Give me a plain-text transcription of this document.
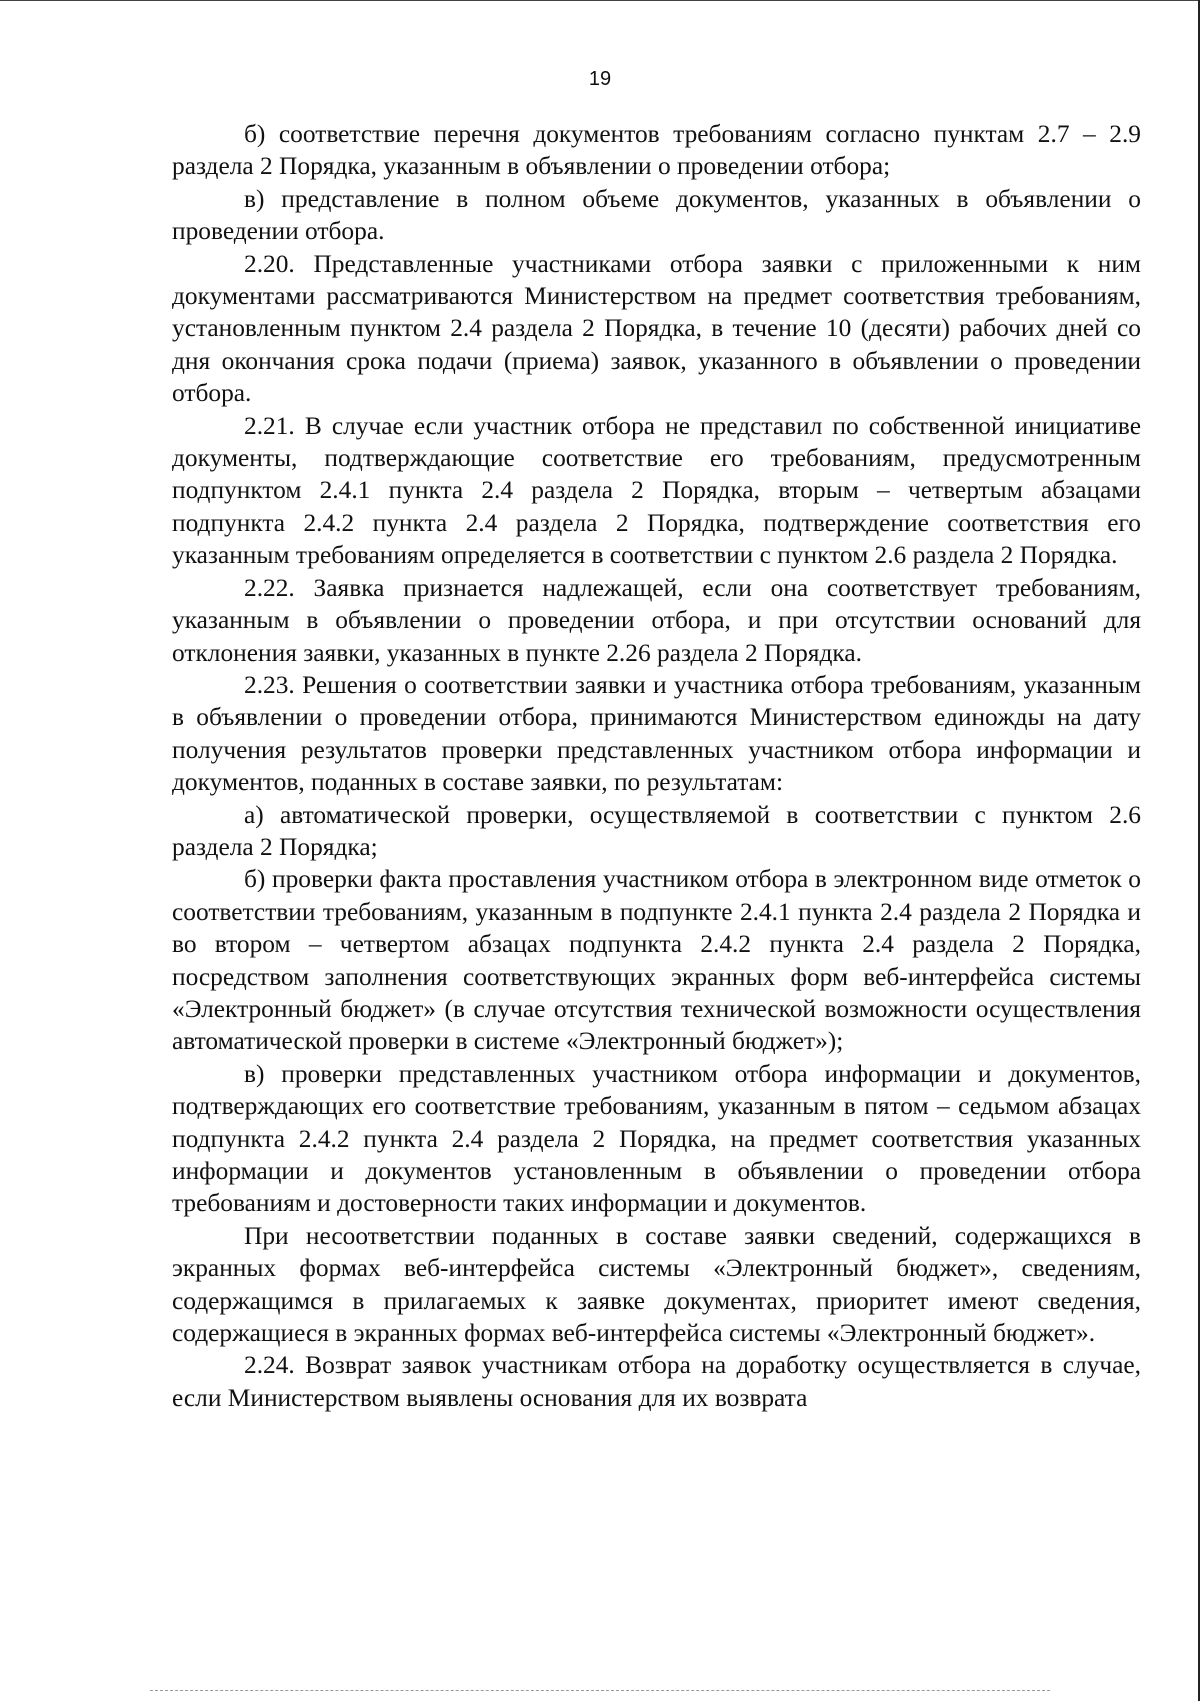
19

б) соответствие перечня документов требованиям согласно пунктам 2.7 – 2.9 раздела 2 Порядка, указанным в объявлении о проведении отбора;

в) представление в полном объеме документов, указанных в объявлении о проведении отбора.

2.20. Представленные участниками отбора заявки с приложенными к ним документами рассматриваются Министерством на предмет соответствия требованиям, установленным пунктом 2.4 раздела 2 Порядка, в течение 10 (десяти) рабочих дней со дня окончания срока подачи (приема) заявок, указанного в объявлении о проведении отбора.

2.21. В случае если участник отбора не представил по собственной инициативе документы, подтверждающие соответствие его требованиям, предусмотренным подпунктом 2.4.1 пункта 2.4 раздела 2 Порядка, вторым – четвертым абзацами подпункта 2.4.2 пункта 2.4 раздела 2 Порядка, подтверждение соответствия его указанным требованиям определяется в соответствии с пунктом 2.6 раздела 2 Порядка.

2.22. Заявка признается надлежащей, если она соответствует требованиям, указанным в объявлении о проведении отбора, и при отсутствии оснований для отклонения заявки, указанных в пункте 2.26 раздела 2 Порядка.

2.23. Решения о соответствии заявки и участника отбора требованиям, указанным в объявлении о проведении отбора, принимаются Министерством единожды на дату получения результатов проверки представленных участником отбора информации и документов, поданных в составе заявки, по результатам:

а) автоматической проверки, осуществляемой в соответствии с пунктом 2.6 раздела 2 Порядка;

б) проверки факта проставления участником отбора в электронном виде отметок о соответствии требованиям, указанным в подпункте 2.4.1 пункта 2.4 раздела 2 Порядка и во втором – четвертом абзацах подпункта 2.4.2 пункта 2.4 раздела 2 Порядка, посредством заполнения соответствующих экранных форм веб-интерфейса системы «Электронный бюджет» (в случае отсутствия технической возможности осуществления автоматической проверки в системе «Электронный бюджет»);

в) проверки представленных участником отбора информации и документов, подтверждающих его соответствие требованиям, указанным в пятом – седьмом абзацах подпункта 2.4.2 пункта 2.4 раздела 2 Порядка, на предмет соответствия указанных информации и документов установленным в объявлении о проведении отбора требованиям и достоверности таких информации и документов.

При несоответствии поданных в составе заявки сведений, содержащихся в экранных формах веб-интерфейса системы «Электронный бюджет», сведениям, содержащимся в прилагаемых к заявке документах, приоритет имеют сведения, содержащиеся в экранных формах веб-интерфейса системы «Электронный бюджет».

2.24. Возврат заявок участникам отбора на доработку осуществляется в случае, если Министерством выявлены основания для их возврата
